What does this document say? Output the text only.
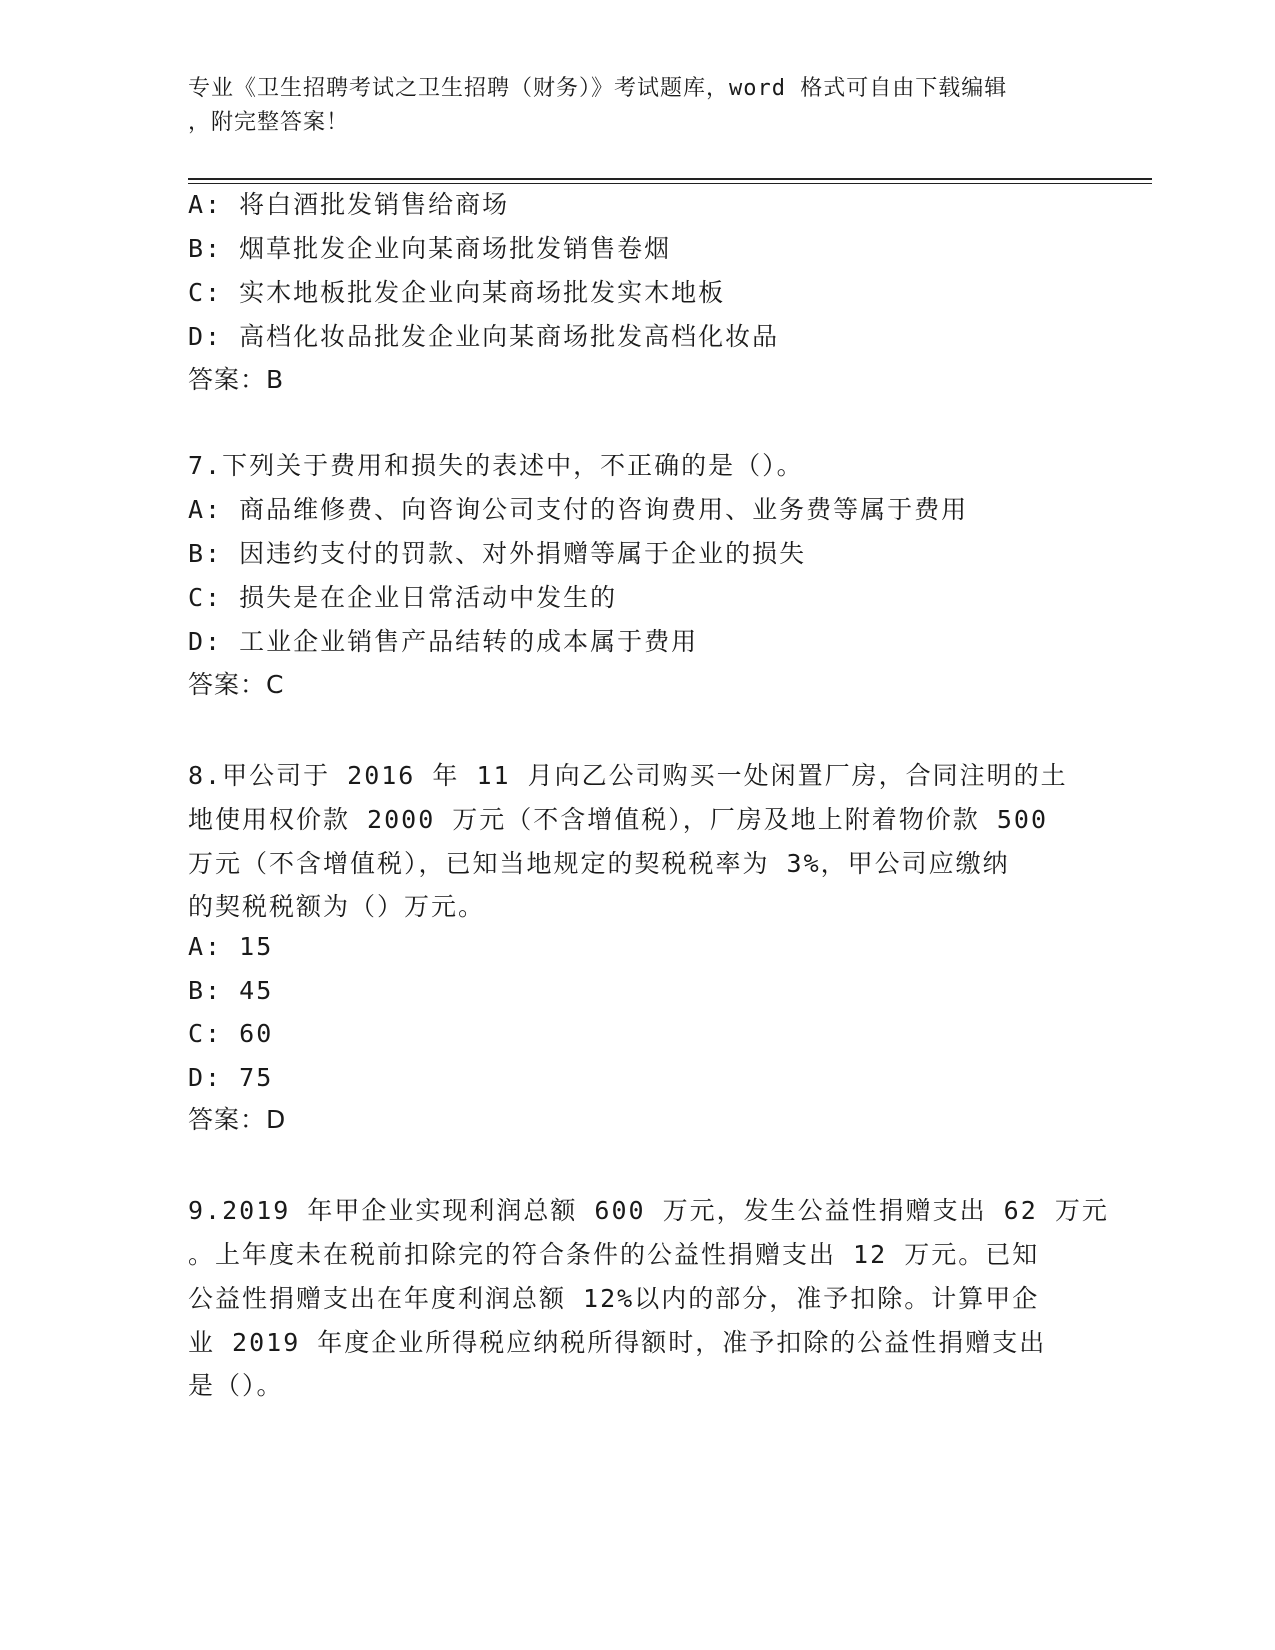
专业《卫生招聘考试之卫生招聘（财务）》考试题库，word 格式可自由下载编辑
，附完整答案！
A: 将白酒批发销售给商场
B: 烟草批发企业向某商场批发销售卷烟
C: 实木地板批发企业向某商场批发实木地板
D: 高档化妆品批发企业向某商场批发高档化妆品
答案：B
7.下列关于费用和损失的表述中，不正确的是（）。
A: 商品维修费、向咨询公司支付的咨询费用、业务费等属于费用
B: 因违约支付的罚款、对外捐赠等属于企业的损失
C: 损失是在企业日常活动中发生的
D: 工业企业销售产品结转的成本属于费用
答案：C
8.甲公司于 2016 年 11 月向乙公司购买一处闲置厂房，合同注明的土
地使用权价款 2000 万元（不含增值税），厂房及地上附着物价款 500
万元（不含增值税），已知当地规定的契税税率为 3%，甲公司应缴纳
的契税税额为（）万元。
A: 15
B: 45
C: 60
D: 75
答案：D
9.2019 年甲企业实现利润总额 600 万元，发生公益性捐赠支出 62 万元
。上年度未在税前扣除完的符合条件的公益性捐赠支出 12 万元。已知
公益性捐赠支出在年度利润总额 12%以内的部分，准予扣除。计算甲企
业 2019 年度企业所得税应纳税所得额时，准予扣除的公益性捐赠支出
是（）。
